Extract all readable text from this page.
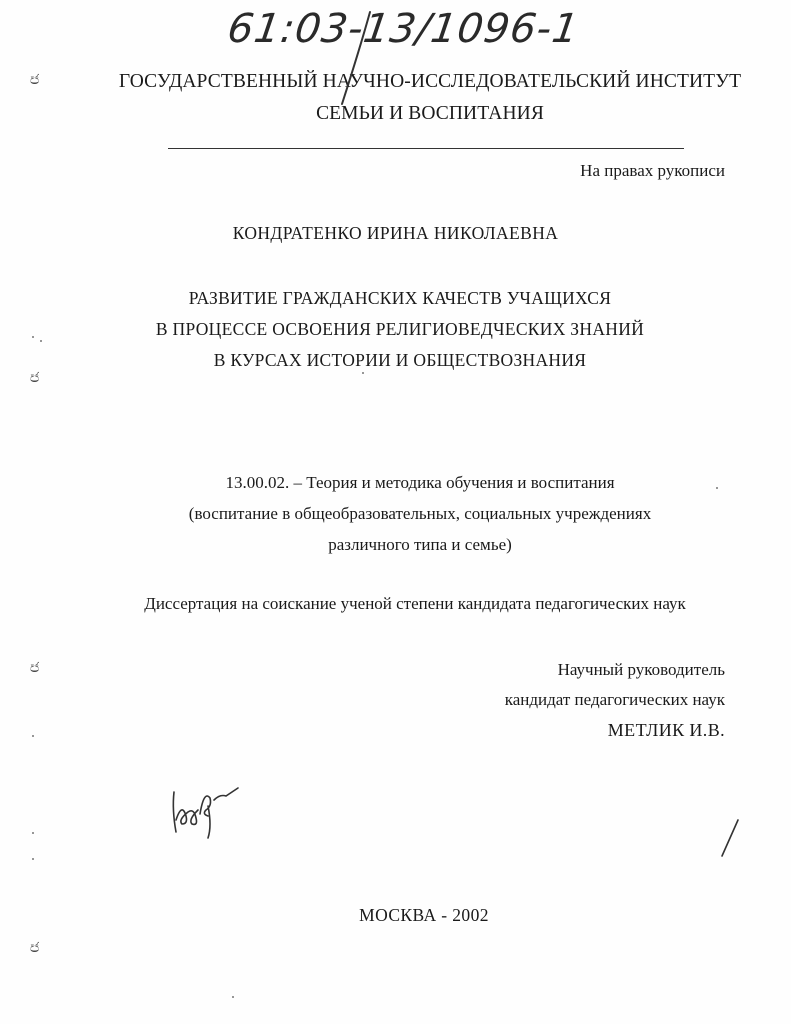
61:03-13/1096-1
ГОСУДАРСТВЕННЫЙ НАУЧНО-ИССЛЕДОВАТЕЛЬСКИЙ ИНСТИТУТ
СЕМЬИ И ВОСПИТАНИЯ
На правах рукописи
КОНДРАТЕНКО ИРИНА НИКОЛАЕВНА
РАЗВИТИЕ ГРАЖДАНСКИХ КАЧЕСТВ УЧАЩИХСЯ
В ПРОЦЕССЕ ОСВОЕНИЯ РЕЛИГИОВЕДЧЕСКИХ ЗНАНИЙ
В КУРСАХ ИСТОРИИ И ОБЩЕСТВОЗНАНИЯ
13.00.02. – Теория и методика обучения и воспитания
(воспитание в общеобразовательных, социальных учреждениях
различного типа и семье)
Диссертация на соискание ученой степени кандидата педагогических наук
Научный руководитель
кандидат педагогических наук
МЕТЛИК И.В.
МОСКВА - 2002
෪
෪
෪
෪
